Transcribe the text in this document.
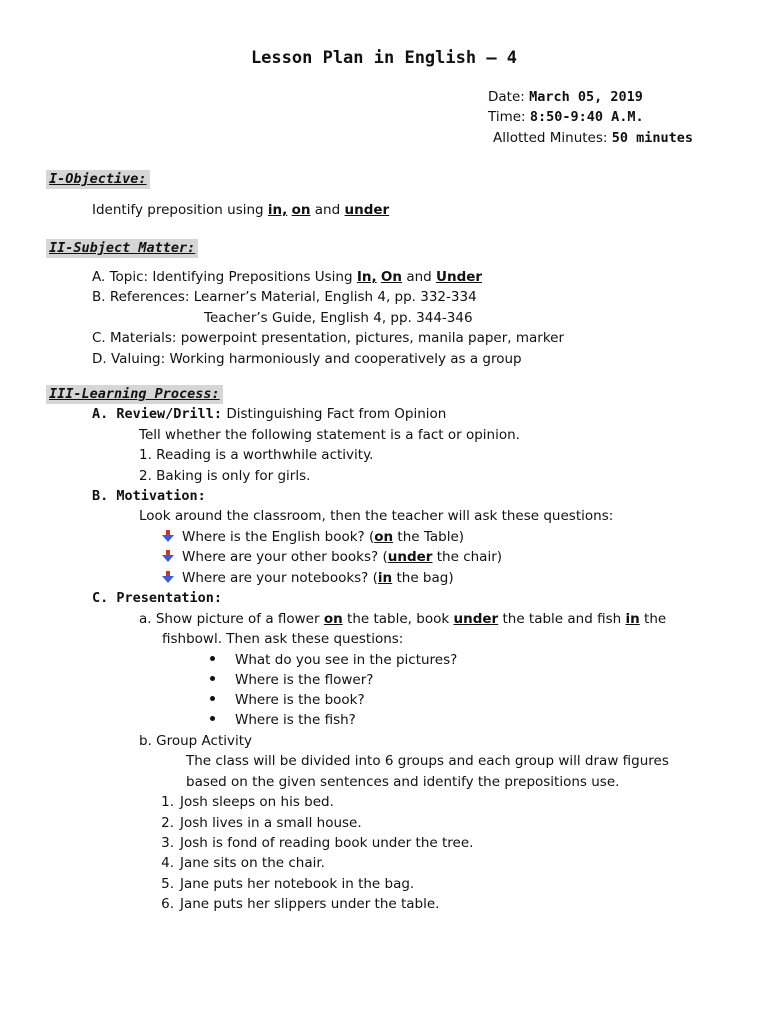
Lesson Plan in English – 4
Date: March 05, 2019
Time: 8:50-9:40 A.M.
Allotted Minutes: 50 minutes
I-Objective:
Identify preposition using in, on and under
II-Subject Matter:
A. Topic: Identifying Prepositions Using In, On and Under
B. References: Learner’s Material, English 4, pp. 332-334
Teacher’s Guide, English 4, pp. 344-346
C. Materials: powerpoint presentation, pictures, manila paper, marker
D. Valuing: Working harmoniously and cooperatively as a group
III-Learning Process:
A. Review/Drill: Distinguishing Fact from Opinion
Tell whether the following statement is a fact or opinion.
1. Reading is a worthwhile activity.
2. Baking is only for girls.
B. Motivation:
Look around the classroom, then the teacher will ask these questions:
Where is the English book? (on the Table)
Where are your other books? (under the chair)
Where are your notebooks? (in the bag)
C. Presentation:
a. Show picture of a flower on the table, book under the table and fish in the
fishbowl. Then ask these questions:
What do you see in the pictures?
Where is the flower?
Where is the book?
Where is the fish?
b. Group Activity
The class will be divided into 6 groups and each group will draw figures
based on the given sentences and identify the prepositions use.
1. Josh sleeps on his bed.
2. Josh lives in a small house.
3. Josh is fond of reading book under the tree.
4. Jane sits on the chair.
5. Jane puts her notebook in the bag.
6. Jane puts her slippers under the table.
